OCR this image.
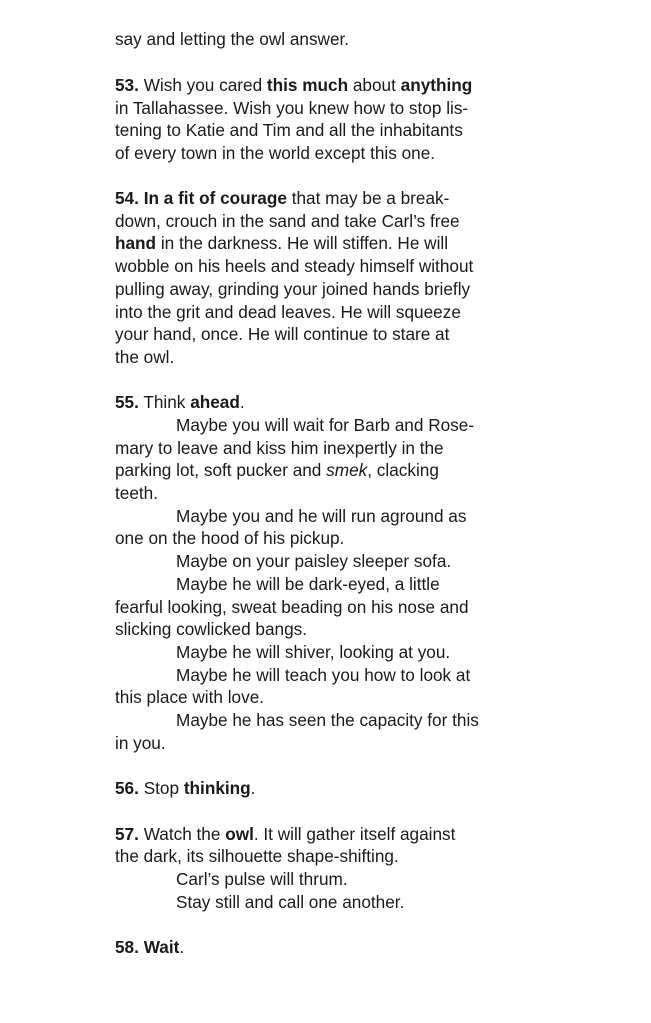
say and letting the owl answer.
53. Wish you cared this much about anything
in Tallahassee. Wish you knew how to stop lis-
tening to Katie and Tim and all the inhabitants
of every town in the world except this one.
54. In a fit of courage that may be a break-
down, crouch in the sand and take Carl’s free
hand in the darkness. He will stiffen. He will
wobble on his heels and steady himself without
pulling away, grinding your joined hands briefly
into the grit and dead leaves. He will squeeze
your hand, once. He will continue to stare at
the owl.
55. Think ahead.
Maybe you will wait for Barb and Rose-
mary to leave and kiss him inexpertly in the
parking lot, soft pucker and smek, clacking
teeth.
Maybe you and he will run aground as
one on the hood of his pickup.
Maybe on your paisley sleeper sofa.
Maybe he will be dark-eyed, a little
fearful looking, sweat beading on his nose and
slicking cowlicked bangs.
Maybe he will shiver, looking at you.
Maybe he will teach you how to look at
this place with love.
Maybe he has seen the capacity for this
in you.
56. Stop thinking.
57. Watch the owl. It will gather itself against
the dark, its silhouette shape-shifting.
Carl’s pulse will thrum.
Stay still and call one another.
58. Wait.
